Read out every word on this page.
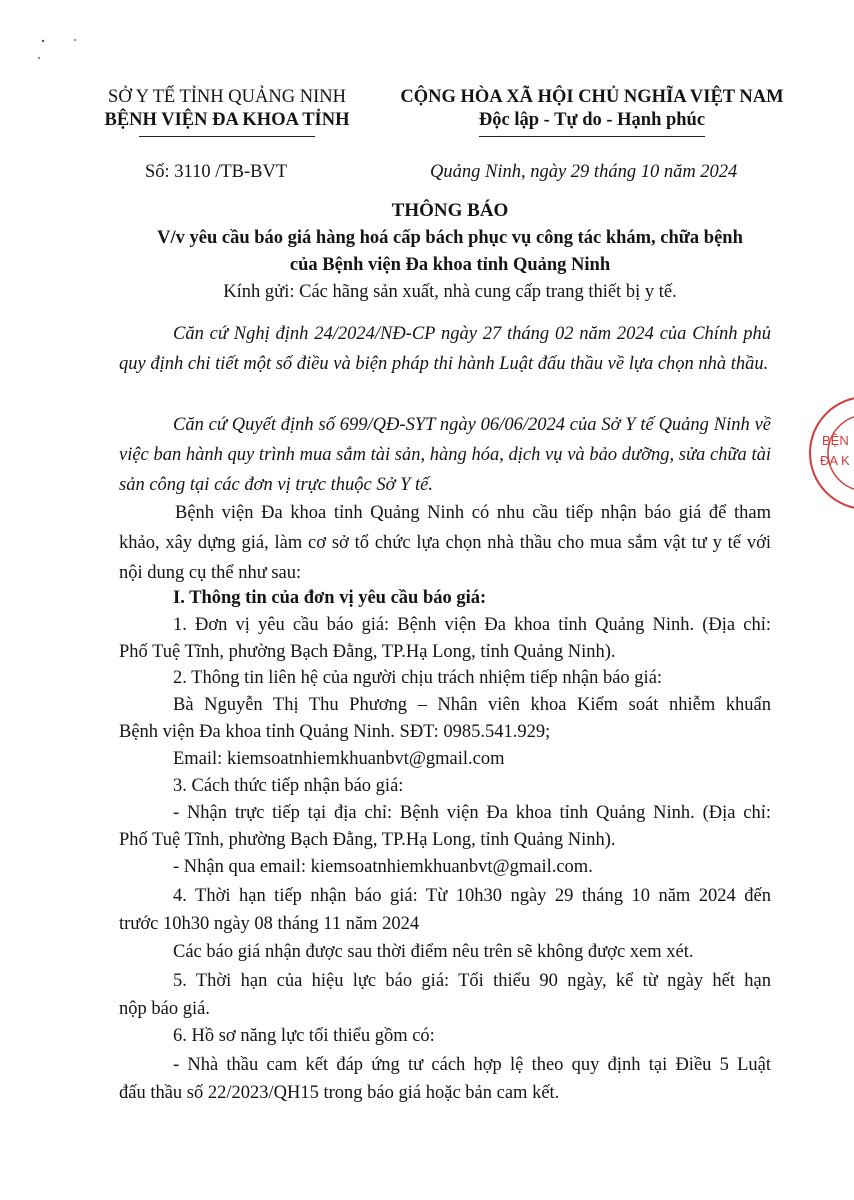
SỞ Y TẾ TỈNH QUẢNG NINH
BỆNH VIỆN ĐA KHOA TỈNH
CỘNG HÒA XÃ HỘI CHỦ NGHĨA VIỆT NAM
Độc lập - Tự do - Hạnh phúc
Số: 3110 /TB-BVT	Quảng Ninh, ngày 29 tháng 10 năm 2024
THÔNG BÁO
V/v yêu cầu báo giá hàng hoá cấp bách phục vụ công tác khám, chữa bệnh
của Bệnh viện Đa khoa tỉnh Quảng Ninh
Kính gửi: Các hãng sản xuất, nhà cung cấp trang thiết bị y tế.
Căn cứ Nghị định 24/2024/NĐ-CP ngày 27 tháng 02 năm 2024 của Chính phủ quy định chi tiết một số điều và biện pháp thi hành Luật đấu thầu về lựa chọn nhà thầu.
Căn cứ Quyết định số 699/QĐ-SYT ngày 06/06/2024 của Sở Y tế Quảng Ninh về việc ban hành quy trình mua sắm tài sản, hàng hóa, dịch vụ và bảo dưỡng, sửa chữa tài sản công tại các đơn vị trực thuộc Sở Y tế.
Bệnh viện Đa khoa tỉnh Quảng Ninh có nhu cầu tiếp nhận báo giá để tham khảo, xây dựng giá, làm cơ sở tổ chức lựa chọn nhà thầu cho mua sắm vật tư y tế với nội dung cụ thể như sau:
I. Thông tin của đơn vị yêu cầu báo giá:
1. Đơn vị yêu cầu báo giá: Bệnh viện Đa khoa tỉnh Quảng Ninh. (Địa chỉ:
Phố Tuệ Tĩnh, phường Bạch Đằng, TP.Hạ Long, tỉnh Quảng Ninh).
2. Thông tin liên hệ của người chịu trách nhiệm tiếp nhận báo giá:
Bà Nguyễn Thị Thu Phương – Nhân viên khoa Kiểm soát nhiễm khuẩn
Bệnh viện Đa khoa tỉnh Quảng Ninh. SĐT: 0985.541.929;
Email: kiemsoatnhiemkhuanbvt@gmail.com
3. Cách thức tiếp nhận báo giá:
- Nhận trực tiếp tại địa chỉ: Bệnh viện Đa khoa tỉnh Quảng Ninh. (Địa chỉ:
Phố Tuệ Tĩnh, phường Bạch Đằng, TP.Hạ Long, tỉnh Quảng Ninh).
- Nhận qua email: kiemsoatnhiemkhuanbvt@gmail.com.
4. Thời hạn tiếp nhận báo giá: Từ 10h30 ngày 29 tháng 10 năm 2024 đến
trước 10h30 ngày 08 tháng 11 năm 2024
Các báo giá nhận được sau thời điểm nêu trên sẽ không được xem xét.
5. Thời hạn của hiệu lực báo giá: Tối thiểu 90 ngày, kể từ ngày hết hạn
nộp báo giá.
6. Hồ sơ năng lực tối thiểu gồm có:
- Nhà thầu cam kết đáp ứng tư cách hợp lệ theo quy định tại Điều 5 Luật
đấu thầu số 22/2023/QH15 trong báo giá hoặc bản cam kết.
BỆN
ĐA K
